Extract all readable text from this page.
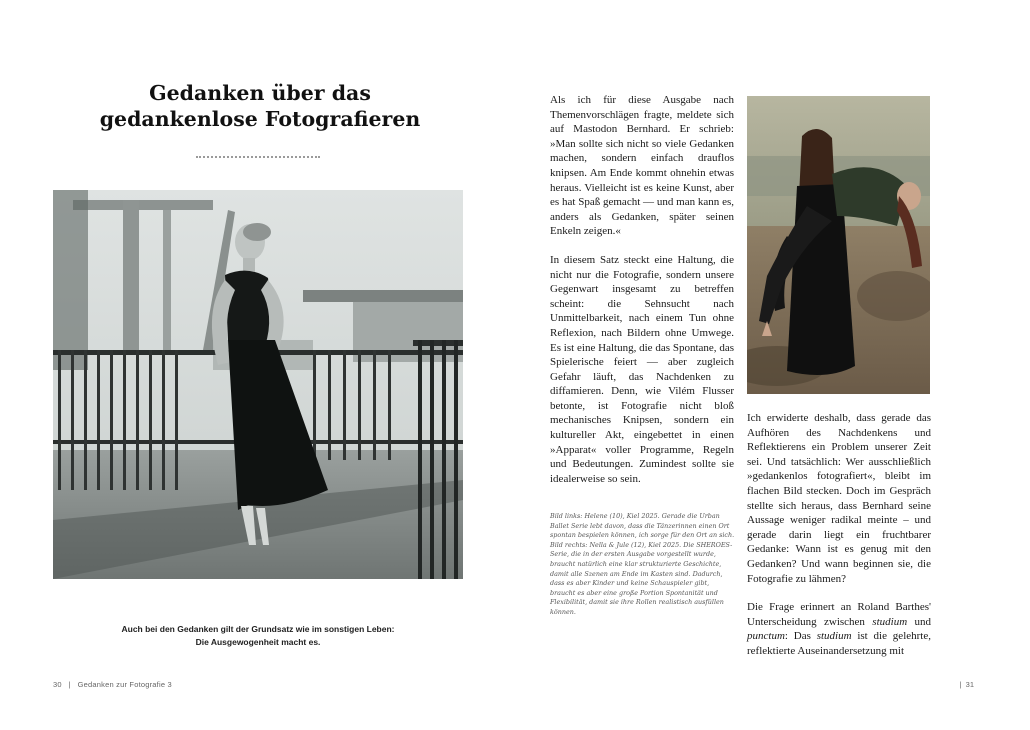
Gedanken über das
gedankenlose Fotografieren
Auch bei den Gedanken gilt der Grundsatz wie im sonstigen Leben:
Die Ausgewogenheit macht es.
30 | Gedanken zur Fotografie 3

Als ich für diese Ausgabe nach Themenvorschlägen fragte, meldete sich auf Mastodon Bernhard. Er schrieb: »Man sollte sich nicht so viele Gedanken machen, sondern einfach drauflos knipsen. Am Ende kommt ohnehin etwas heraus. Vielleicht ist es keine Kunst, aber es hat Spaß gemacht — und man kann es, anders als Gedanken, später seinen Enkeln zeigen.«

In diesem Satz steckt eine Haltung, die nicht nur die Fotografie, sondern unsere Gegenwart insgesamt zu betreffen scheint: die Sehnsucht nach Unmittelbarkeit, nach einem Tun ohne Reflexion, nach Bildern ohne Umwege. Es ist eine Haltung, die das Spontane, das Spielerische feiert — aber zugleich Gefahr läuft, das Nachdenken zu diffamieren. Denn, wie Vilém Flusser betonte, ist Fotografie nicht bloß mechanisches Knipsen, sondern ein kultureller Akt, eingebettet in einen »Apparat« voller Programme, Regeln und Bedeutungen. Zumindest sollte sie idealerweise so sein.

Ich erwiderte deshalb, dass gerade das Aufhören des Nachdenkens und Reflektierens ein Problem unserer Zeit sei. Und tatsächlich: Wer ausschließlich »gedankenlos fotografiert«, bleibt im flachen Bild stecken. Doch im Gespräch stellte sich heraus, dass Bernhard seine Aussage weniger radikal meinte – und gerade darin liegt ein fruchtbarer Gedanke: Wann ist es genug mit den Gedanken? Und wann beginnen sie, die Fotografie zu lähmen?

Die Frage erinnert an Roland Barthes' Unterscheidung zwischen studium und punctum: Das studium ist die gelehrte, reflektierte Auseinandersetzung mit

Bild links: Helene (10), Kiel 2025. Gerade die Urban Ballet Serie lebt davon, dass die Tänzerinnen einen Ort spontan bespielen können, ich sorge für den Ort an sich.

Bild rechts: Nella & Jule (12), Kiel 2025. Die SHEROES-Serie, die in der ersten Ausgabe vorgestellt wurde, braucht natürlich eine klar strukturierte Geschichte, damit alle Szenen am Ende im Kasten sind. Dadurch, dass es aber Kinder und keine Schauspieler gibt, braucht es aber eine große Portion Spontanität und Flexibilität, damit sie ihre Rollen realistisch ausfüllen können.

| 31
